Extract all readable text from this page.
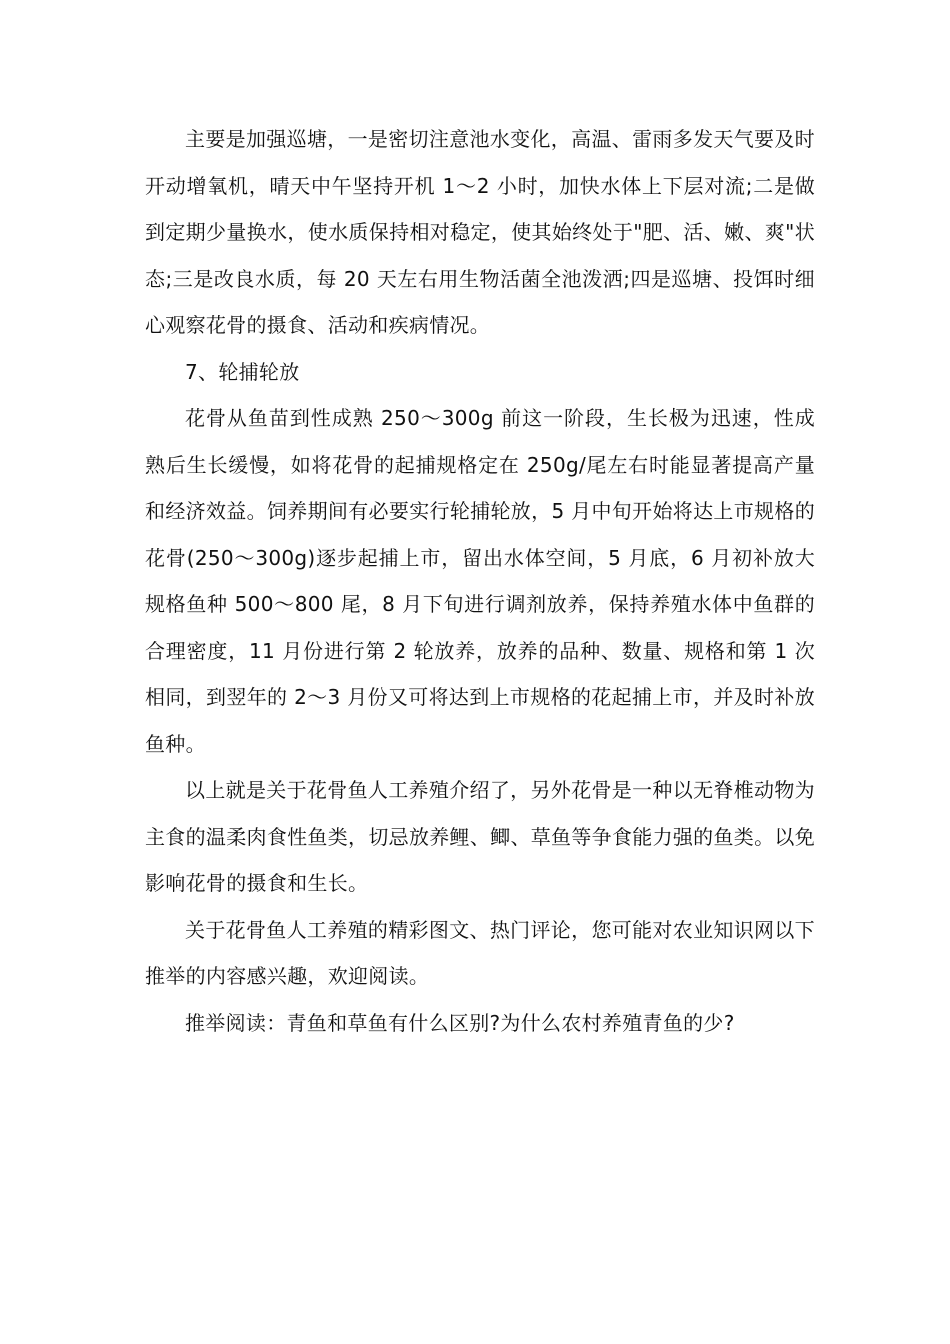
主要是加强巡塘，一是密切注意池水变化，高温、雷雨多发天气要及时开动增氧机，晴天中午坚持开机 1～2 小时，加快水体上下层对流;二是做到定期少量换水，使水质保持相对稳定，使其始终处于"肥、活、嫩、爽"状态;三是改良水质，每 20 天左右用生物活菌全池泼洒;四是巡塘、投饵时细心观察花骨的摄食、活动和疾病情况。

7、轮捕轮放

花骨从鱼苗到性成熟 250～300g 前这一阶段，生长极为迅速，性成熟后生长缓慢，如将花骨的起捕规格定在 250g/尾左右时能显著提高产量和经济效益。饲养期间有必要实行轮捕轮放，5 月中旬开始将达上市规格的花骨(250～300g)逐步起捕上市，留出水体空间，5 月底，6 月初补放大规格鱼种 500～800 尾，8 月下旬进行调剂放养，保持养殖水体中鱼群的合理密度，11 月份进行第 2 轮放养，放养的品种、数量、规格和第 1 次相同，到翌年的 2～3 月份又可将达到上市规格的花起捕上市，并及时补放鱼种。

以上就是关于花骨鱼人工养殖介绍了，另外花骨是一种以无脊椎动物为主食的温柔肉食性鱼类，切忌放养鲤、鲫、草鱼等争食能力强的鱼类。以免影响花骨的摄食和生长。

关于花骨鱼人工养殖的精彩图文、热门评论，您可能对农业知识网以下推举的内容感兴趣，欢迎阅读。

推举阅读：青鱼和草鱼有什么区别?为什么农村养殖青鱼的少?
